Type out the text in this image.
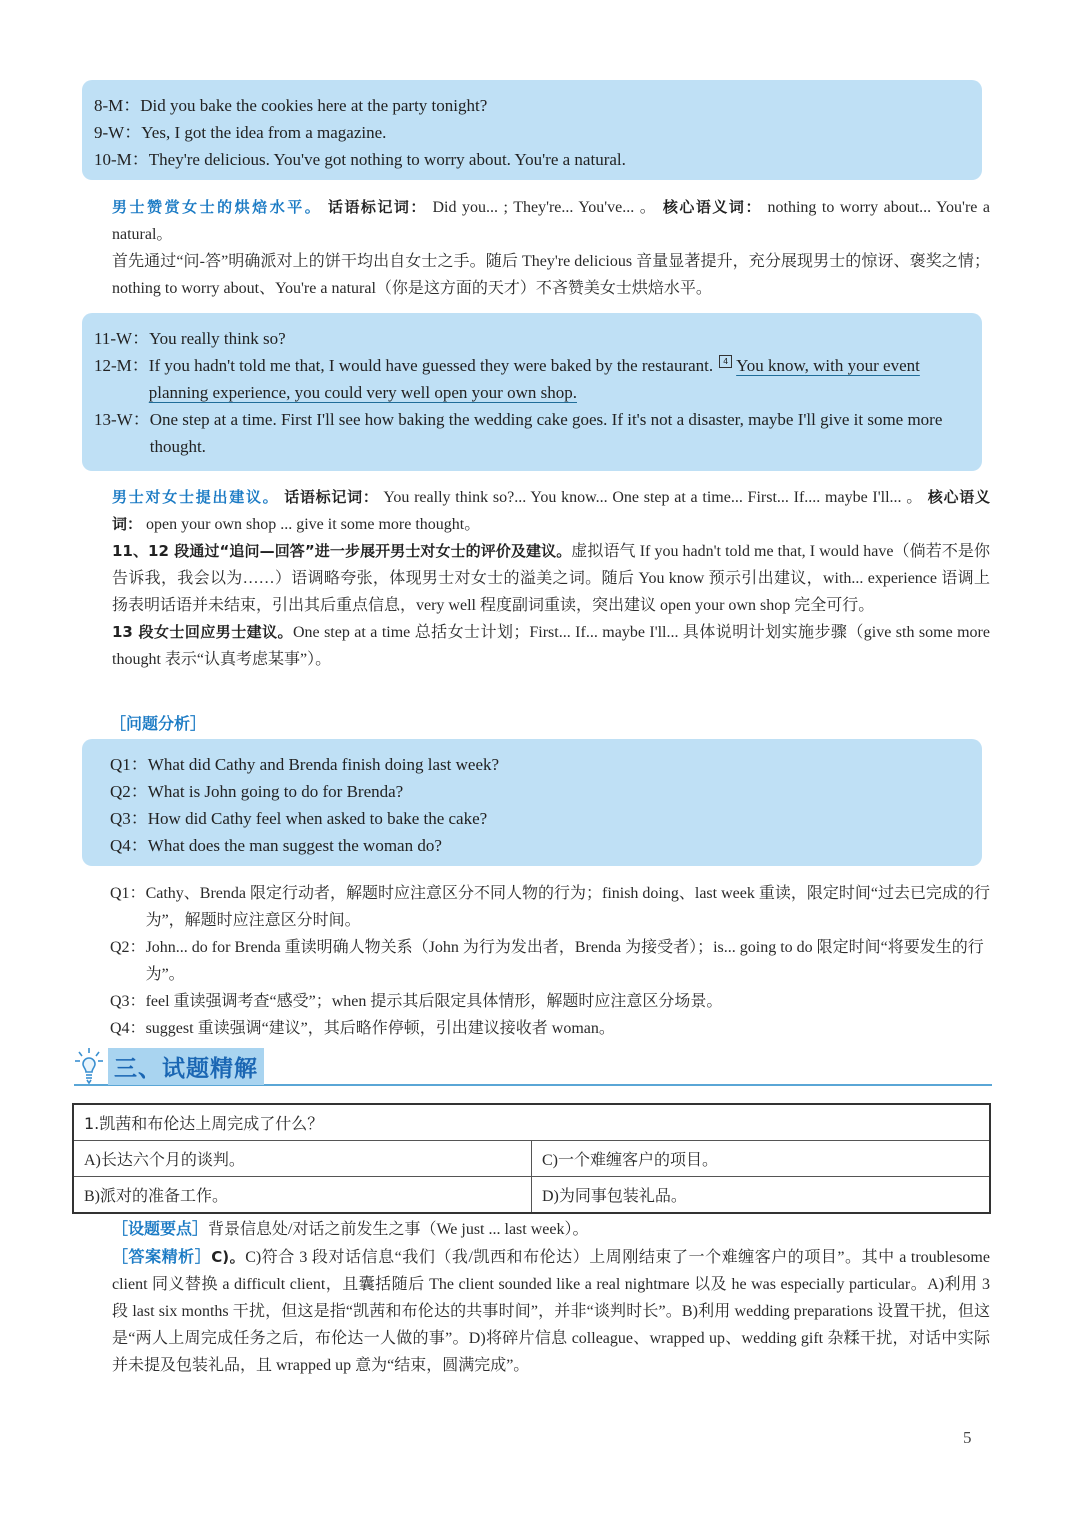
8-M： Did you bake the cookies here at the party tonight?
9-W： Yes, I got the idea from a magazine.
10-M： They're delicious. You've got nothing to worry about. You're a natural.
男士赞赏女士的烘焙水平。 话语标记词： Did you... ; They're... You've... 。 核心语义词： nothing to worry about... You're a natural。
首先通过“问-答”明确派对上的饼干均出自女士之手。随后 They're delicious 音量显著提升，充分展现男士的惊讶、褒奖之情；nothing to worry about、You're a natural（你是这方面的天才）不吝赞美女士烘焙水平。
11-W： You really think so?
12-M： If you hadn't told me that, I would have guessed they were baked by the restaurant. 4 You know, with your event planning experience, you could very well open your own shop.
13-W： One step at a time. First I'll see how baking the wedding cake goes. If it's not a disaster, maybe I'll give it some more thought.
男士对女士提出建议。 话语标记词： You really think so?... You know... One step at a time... First... If.... maybe I'll... 。 核心语义词： open your own shop ... give it some more thought。
11、12 段通过“追问—回答”进一步展开男士对女士的评价及建议。虚拟语气 If you hadn't told me that, I would have（倘若不是你告诉我，我会以为……）语调略夸张，体现男士对女士的溢美之词。随后 You know 预示引出建议，with... experience 语调上扬表明话语并未结束，引出其后重点信息，very well 程度副词重读，突出建议 open your own shop 完全可行。
13 段女士回应男士建议。One step at a time 总括女士计划；First... If... maybe I'll... 具体说明计划实施步骤（give sth some more thought 表示“认真考虑某事”）。
［问题分析］
Q1： What did Cathy and Brenda finish doing last week?
Q2： What is John going to do for Brenda?
Q3： How did Cathy feel when asked to bake the cake?
Q4： What does the man suggest the woman do?
Q1： Cathy、Brenda 限定行动者，解题时应注意区分不同人物的行为；finish doing、last week 重读，限定时间“过去已完成的行为”，解题时应注意区分时间。
Q2： John... do for Brenda 重读明确人物关系（John 为行为发出者，Brenda 为接受者）；is... going to do 限定时间“将要发生的行为”。
Q3： feel 重读强调考查“感受”；when 提示其后限定具体情形，解题时应注意区分场景。
Q4： suggest 重读强调“建议”，其后略作停顿，引出建议接收者 woman。
三、试题精解
1.凯茜和布伦达上周完成了什么？	
A)长达六个月的谈判。	C)一个难缠客户的项目。
B)派对的准备工作。	D)为同事包装礼品。
［设题要点］背景信息处/对话之前发生之事（We just ... last week）。
［答案精析］C)。C)符合 3 段对话信息“我们（我/凯西和布伦达）上周刚结束了一个难缠客户的项目”。其中 a troublesome client 同义替换 a difficult client，且囊括随后 The client sounded like a real nightmare 以及 he was especially particular。A)利用 3 段 last six months 干扰，但这是指“凯茜和布伦达的共事时间”，并非“谈判时长”。B)利用 wedding preparations 设置干扰，但这是“两人上周完成任务之后，布伦达一人做的事”。D)将碎片信息 colleague、wrapped up、wedding gift 杂糅干扰，对话中实际并未提及包装礼品，且 wrapped up 意为“结束，圆满完成”。
5
